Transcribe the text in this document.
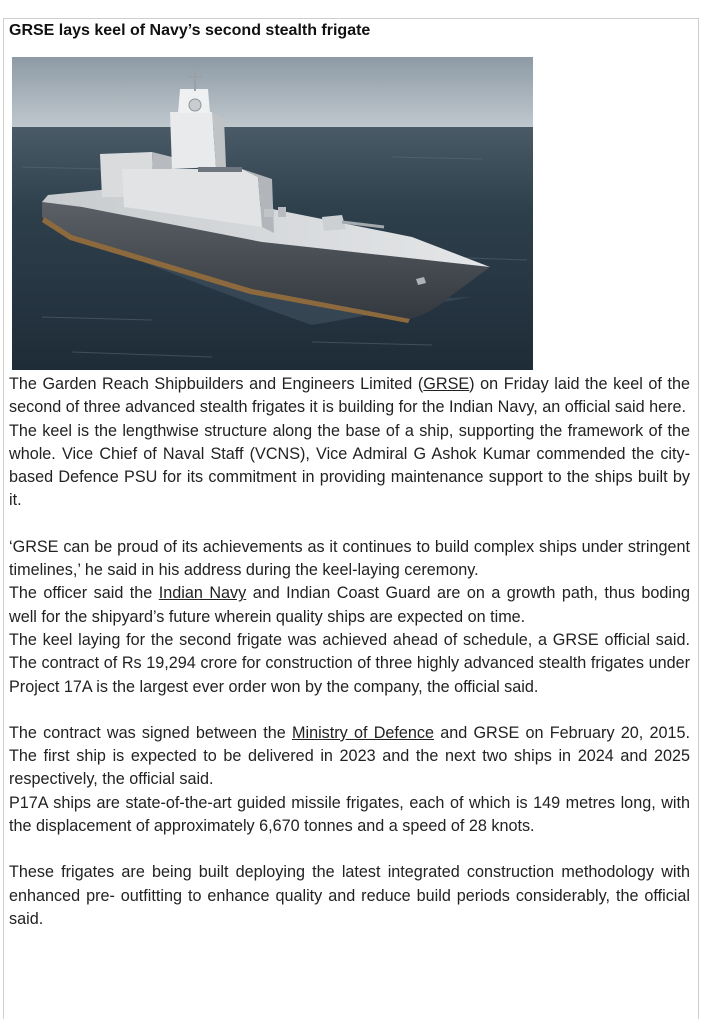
GRSE lays keel of Navy’s second stealth frigate

The Garden Reach Shipbuilders and Engineers Limited (GRSE) on Friday laid the keel of the second of three advanced stealth frigates it is building for the Indian Navy, an official said here.

The keel is the lengthwise structure along the base of a ship, supporting the framework of the whole. Vice Chief of Naval Staff (VCNS), Vice Admiral G Ashok Kumar commended the city-based Defence PSU for its commitment in providing maintenance support to the ships built by it.

‘GRSE can be proud of its achievements as it continues to build complex ships under stringent timelines,’ he said in his address during the keel-laying ceremony.

The officer said the Indian Navy and Indian Coast Guard are on a growth path, thus boding well for the shipyard’s future wherein quality ships are expected on time.

The keel laying for the second frigate was achieved ahead of schedule, a GRSE official said. The contract of Rs 19,294 crore for construction of three highly advanced stealth frigates under Project 17A is the largest ever order won by the company, the official said.

The contract was signed between the Ministry of Defence and GRSE on February 20, 2015. The first ship is expected to be delivered in 2023 and the next two ships in 2024 and 2025 respectively, the official said.

P17A ships are state-of-the-art guided missile frigates, each of which is 149 metres long, with the displacement of approximately 6,670 tonnes and a speed of 28 knots.

These frigates are being built deploying the latest integrated construction methodology with enhanced pre- outfitting to enhance quality and reduce build periods considerably, the official said.
